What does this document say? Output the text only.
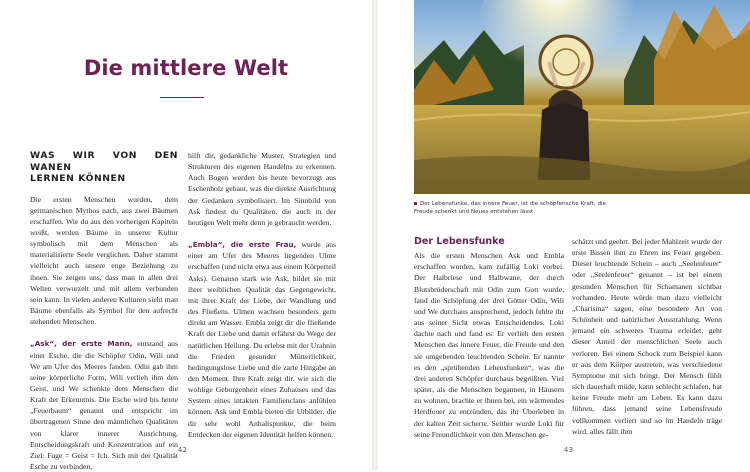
Die mittlere Welt
WAS WIR VON DEN WANEN
LERNEN KÖNNEN

Die ersten Menschen wurden, dem germanischen Mythos nach, aus zwei Bäumen erschaffen. Wie du aus den vorherigen Kapiteln weißt, werden Bäume in unserer Kultur symbolisch mit dem Menschen als materialisierte Seele verglichen. Daher stammt vielleicht auch unsere enge Beziehung zu ihnen. Sie zeigen uns, dass man in allen drei Welten verwurzelt und mit allem verbunden sein kann. In vielen anderen Kulturen sieht man Bäume ebenfalls als Symbol für den aufrecht stehenden Menschen.

„Ask“, der erste Mann, entstand aus einer Esche, die die Schöpfer Odin, Wili und We am Ufer des Meeres fanden. Odin gab ihm seine körperliche Form, Wili verlieh ihm den Geist, und We schenkte dem Menschen die Kraft der Erkenntnis. Die Esche wird bis heute „Feuerbaum“ genannt und entspricht im übertragenen Sinne den männlichen Qualitäten von klarer innerer Ausrichtung, Entscheidungskraft und Konzentration auf ein Ziel: Fuge = Geist = Ich. Sich mit der Qualität Esche zu verbinden,

hilft dir, gedankliche Muster, Strategien und Strukturen des eigenen Handelns zu erkennen. Auch Bogen werden bis heute bevorzugt aus Eschenholz gebaut, was die direkte Ausrichtung der Gedanken symbolisiert. Im Sinnbild von Ask findest du Qualitäten, die auch in der heutigen Welt mehr denn je gebraucht werden.

„Embla“, die erste Frau, wurde aus einer am Ufer des Meeres liegenden Ulme erschaffen (und nicht etwa aus einem Körperteil Asks). Genauso stark wie Ask, bildet sie mit ihrer weiblichen Qualität das Gegengewicht, mit ihrer Kraft der Liebe, der Wandlung und des Fließens. Ulmen wachsen besonders gern direkt am Wasser. Embla zeigt dir die fließende Kraft der Liebe und damit erfährst du Wege der natürlichen Heilung. Du erlebst mit der Urahnin die Frieden gesunder Mütterlichkeit, bedingungslose Liebe und die zarte Hingabe an den Moment. Ihre Kraft zeigt dir, wie sich die wohlige Geborgenheit eines Zuhauses und das System eines intakten Familienclans anfühlen können. Ask und Embla bieten dir Urbilder, die dir sehr wohl Anhaltspunkte, die beim Entdecken der eigenen Identität helfen können.

42
Der Lebensfunke, das innere Feuer, ist die schöpferische Kraft, die Freude schenkt und Neues entstehen lässt.
Der Lebensfunke

Als die ersten Menschen Ask und Embla erschaffen wurden, kam zufällig Loki vorbei. Der Halbriese und Halbwane, der durch Blutsbrüderschaft mit Odin zum Gott wurde, fand die Schöpfung der drei Götter Odin, Wili und We durchaus ansprechend, jedoch fehlte ihr aus seiner Sicht etwas Entscheidendes. Loki dachte nach und fand es: Er verlieh den ersten Menschen das innere Feuer, die Freude und den sie umgebenden leuchtenden Schein. Er nannte es den „sprühenden Lebensfunken“, was die drei anderen Schöpfer durchaus begrüßten. Viel später, als die Menschen begannen, in Häusern zu wohnen, brachte er ihnen bei, ein wärmendes Herdfeuer zu entzünden, das ihr Überleben in der kalten Zeit sicherte. Seither wurde Loki für seine Freundlichkeit von den Menschen ge-

schätzt und geehrt. Bei jeder Mahlzeit wurde der erste Bissen ihm zu Ehren ins Feuer gegeben. Dieser leuchtende Schein – auch „Seelenfeuer“ oder „Seelenfeuer“ genannt – ist bei einem gesunden Menschen für Schamanen sichtbar vorhanden. Heute würde man dazu vielleicht „Charisma“ sagen, eine besondere Art von Schönheit und natürlicher Ausstrahlung. Wenn jemand ein schweres Trauma erleidet, geht dieser Anteil der menschlichen Seele auch verloren. Bei einem Schock zum Beispiel kann er aus dem Körper austreten, was verschiedene Symptome mit sich bringt. Der Mensch fühlt sich dauerhaft müde, kann schlecht schlafen, hat keine Freude mehr am Leben. Es kann dazu führen, dass jemand seine Lebensfreude vollkommen verliert und so im Handeln träge wird, alles fällt ihm

43
